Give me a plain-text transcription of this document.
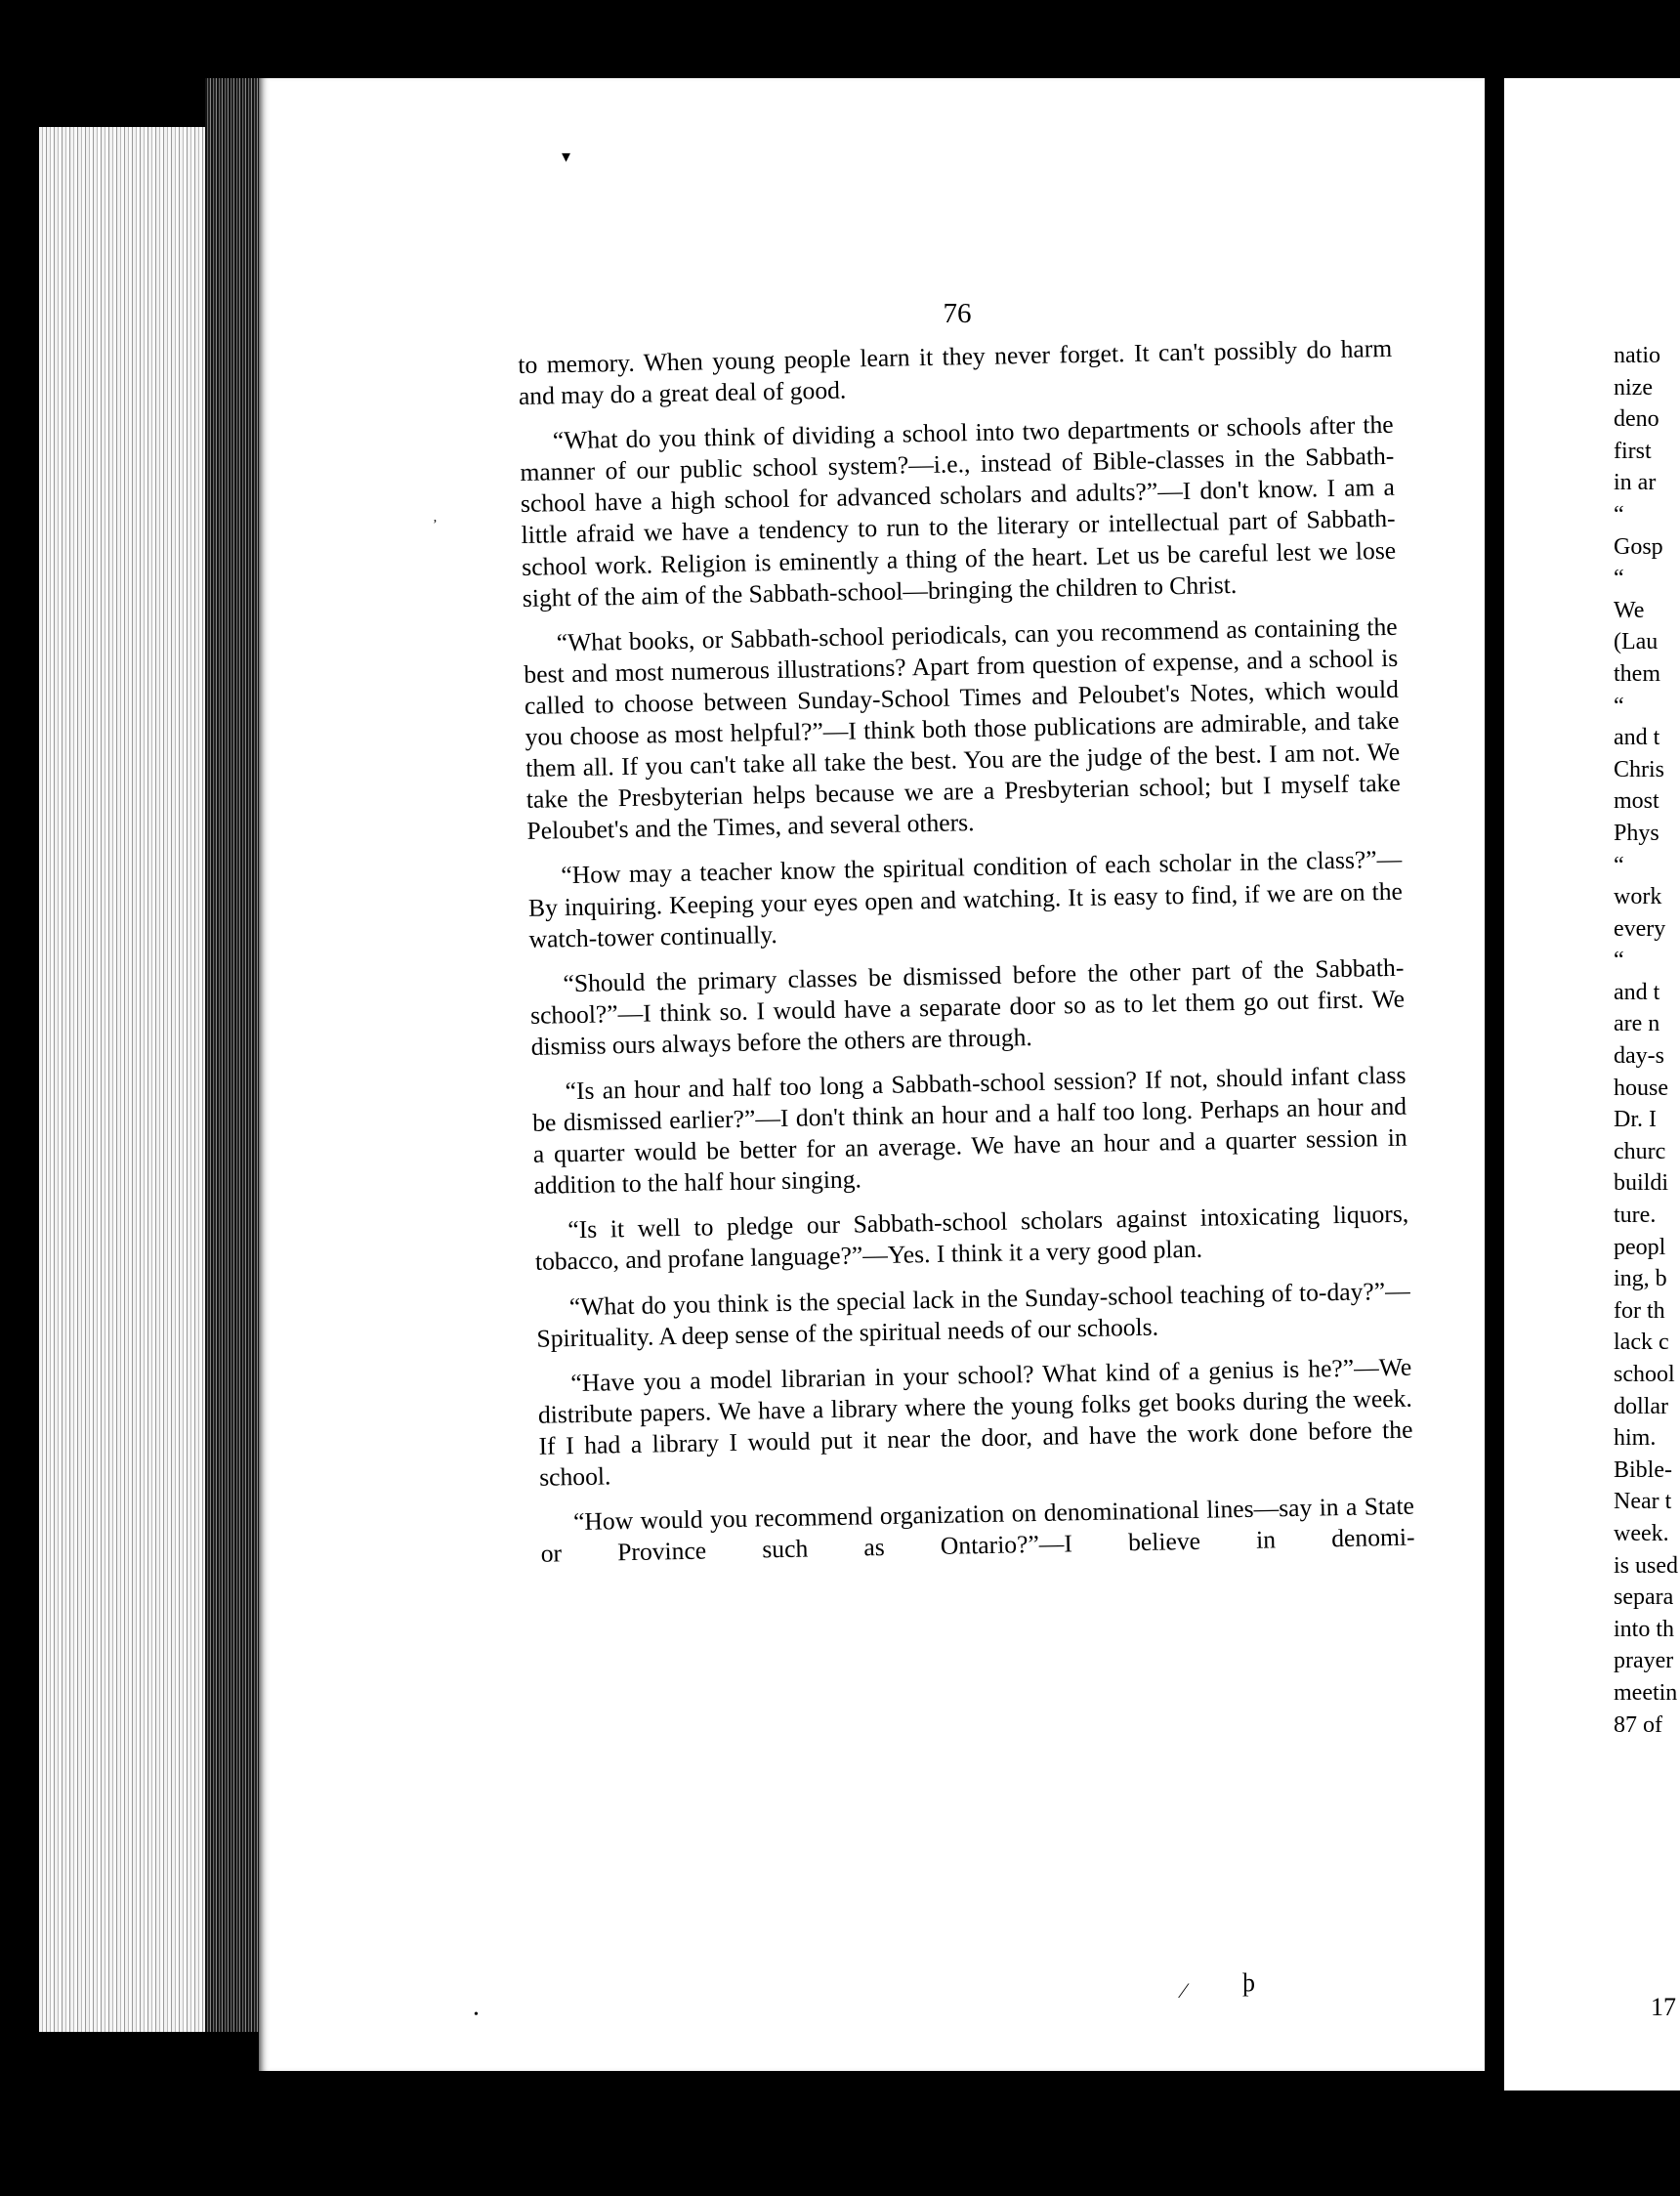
▾
’
•
⁄ ϸ
76

to memory. When young people learn it they never forget. It can't possibly do harm and may do a great deal of good.

“What do you think of dividing a school into two departments or schools after the manner of our public school system?—i.e., instead of Bible-classes in the Sabbath-school have a high school for advanced scholars and adults?”—I don't know. I am a little afraid we have a tendency to run to the literary or intellectual part of Sabbath-school work. Religion is eminently a thing of the heart. Let us be careful lest we lose sight of the aim of the Sabbath-school—bringing the children to Christ.

“What books, or Sabbath-school periodicals, can you recommend as containing the best and most numerous illustrations? Apart from question of expense, and a school is called to choose between Sunday-School Times and Peloubet's Notes, which would you choose as most helpful?”—I think both those publications are admirable, and take them all. If you can't take all take the best. You are the judge of the best. I am not. We take the Presbyterian helps because we are a Presbyterian school; but I myself take Peloubet's and the Times, and several others.

“How may a teacher know the spiritual condition of each scholar in the class?”—By inquiring. Keeping your eyes open and watching. It is easy to find, if we are on the watch-tower continually.

“Should the primary classes be dismissed before the other part of the Sabbath-school?”—I think so. I would have a separate door so as to let them go out first. We dismiss ours always before the others are through.

“Is an hour and half too long a Sabbath-school session? If not, should infant class be dismissed earlier?”—I don't think an hour and a half too long. Perhaps an hour and a quarter would be better for an average. We have an hour and a quarter session in addition to the half hour singing.

“Is it well to pledge our Sabbath-school scholars against intoxicating liquors, tobacco, and profane language?”—Yes. I think it a very good plan.

“What do you think is the special lack in the Sunday-school teaching of to-day?”—Spirituality. A deep sense of the spiritual needs of our schools.

“Have you a model librarian in your school? What kind of a genius is he?”—We distribute papers. We have a library where the young folks get books during the week. If I had a library I would put it near the door, and have the work done before the school.

“How would you recommend organization on denominational lines—say in a State or Province such as Ontario?”—I believe in denomi-

natio
nize
deno
first
in ar
“
Gosp
“
We
(Lau
them
“
and t
Chris
most
Phys
“
work
every
“
and t
are n
day-s
house
Dr. I
churc
buildi
ture.
peopl
ing, b
for th
lack c
school
dollar
him.
Bible-
Near t
week.
is used
separa
into th
prayer
meetin
87 of
17
